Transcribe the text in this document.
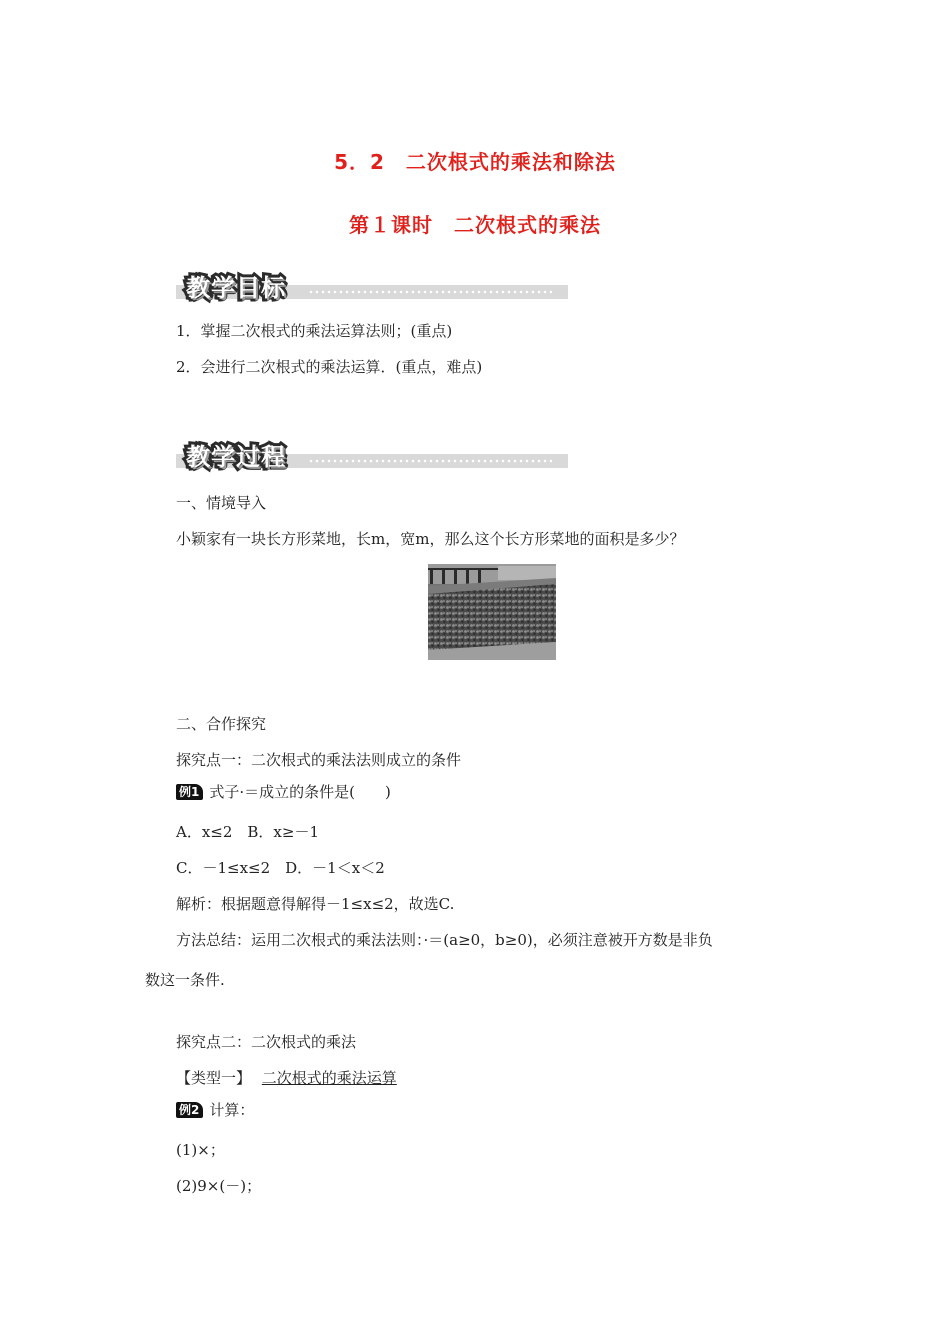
5．2　二次根式的乘法和除法
第１课时　二次根式的乘法
教学目标
1．掌握二次根式的乘法运算法则；(重点)
2．会进行二次根式的乘法运算．(重点，难点)
教学过程
一、情境导入
小颖家有一块长方形菜地，长m，宽m，那么这个长方形菜地的面积是多少？
二、合作探究
探究点一：二次根式的乘法法则成立的条件
例1 式子·＝成立的条件是(　　)
A．x≤2　B．x≥－1
C．－1≤x≤2　D．－1＜x＜2
解析：根据题意得解得－1≤x≤2，故选C.
方法总结：运用二次根式的乘法法则：·＝(a≥0，b≥0)，必须注意被开方数是非负
数这一条件.
探究点二：二次根式的乘法
【类型一】 二次根式的乘法运算
例2 计算：
(1)×；
(2)9×(－)；
